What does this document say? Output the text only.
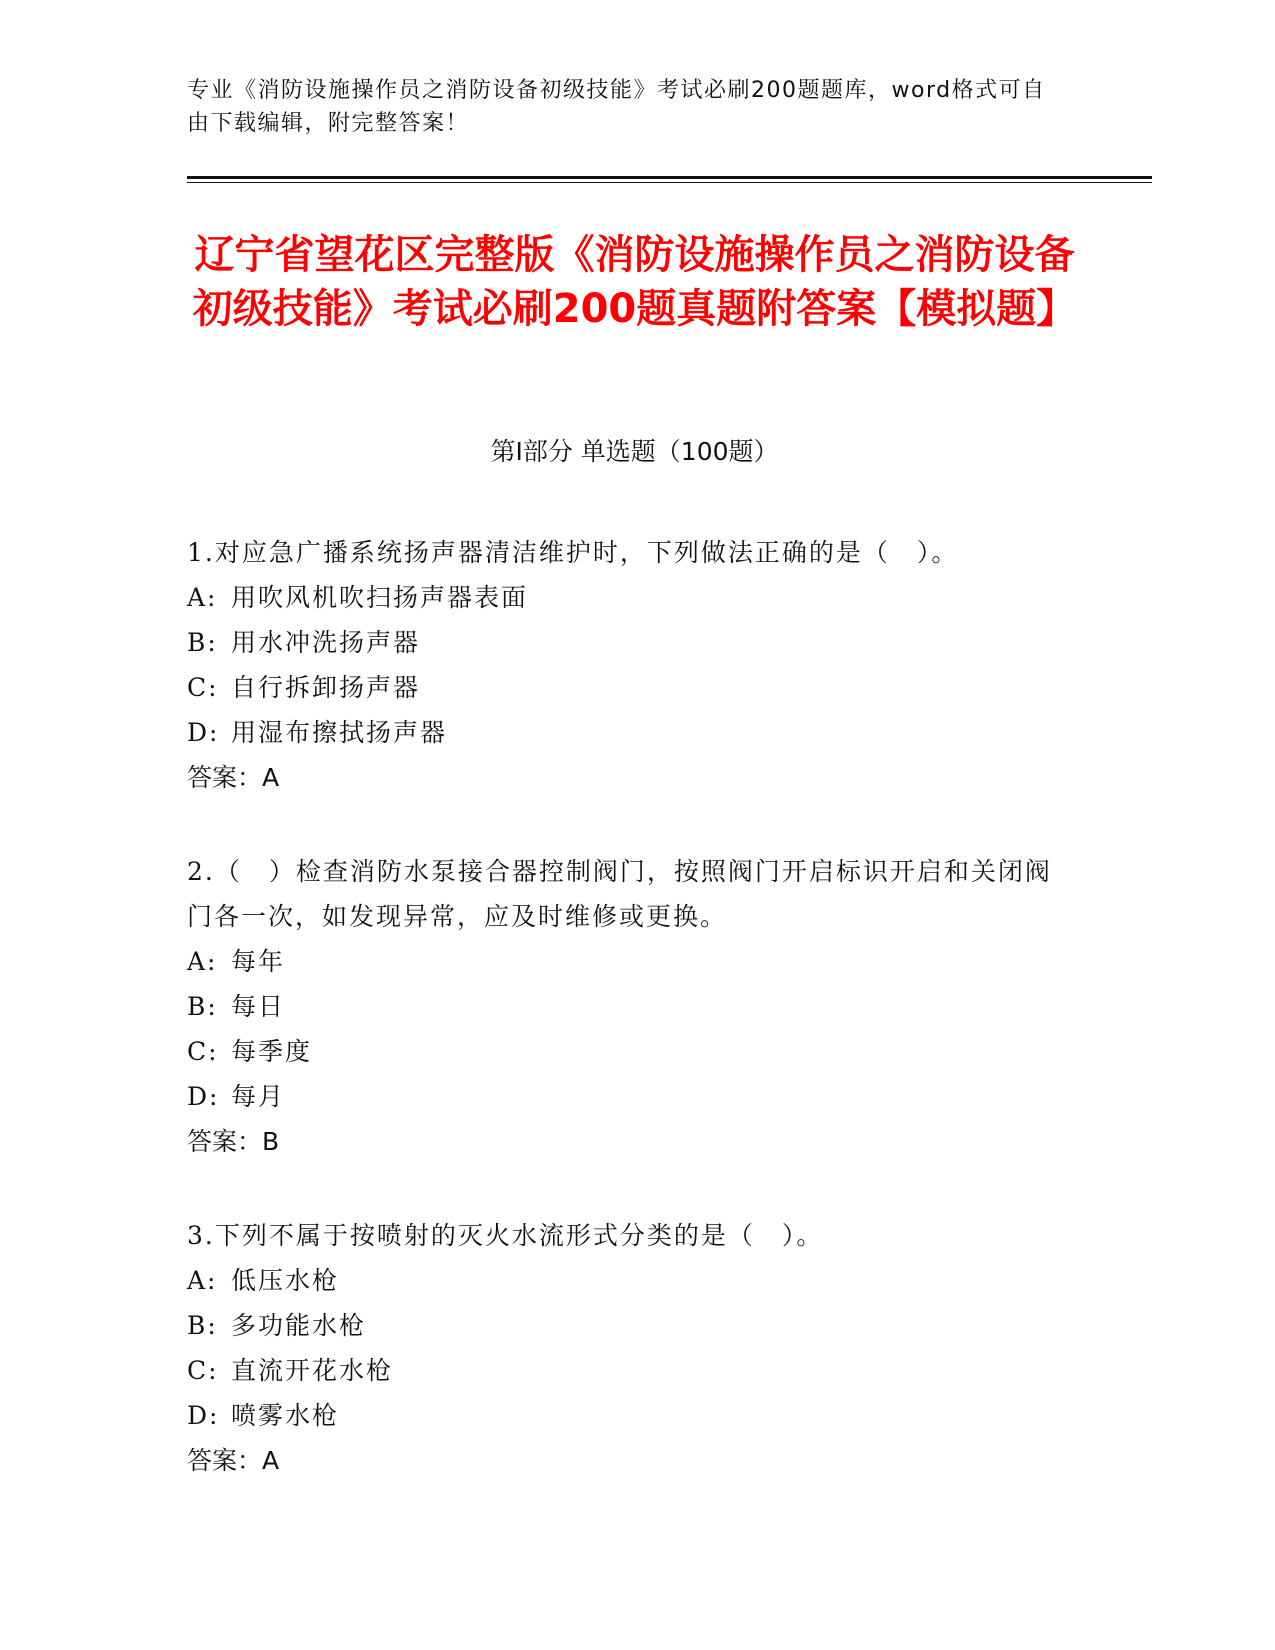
专业《消防设施操作员之消防设备初级技能》考试必刷200题题库，word格式可自由下载编辑，附完整答案！
辽宁省望花区完整版《消防设施操作员之消防设备初级技能》考试必刷200题真题附答案【模拟题】
第Ⅰ部分 单选题（100题）
1.对应急广播系统扬声器清洁维护时，下列做法正确的是（　）。
A: 用吹风机吹扫扬声器表面
B: 用水冲洗扬声器
C: 自行拆卸扬声器
D: 用湿布擦拭扬声器
答案：A
2.（　）检查消防水泵接合器控制阀门，按照阀门开启标识开启和关闭阀门各一次，如发现异常，应及时维修或更换。
A: 每年
B: 每日
C: 每季度
D: 每月
答案：B
3.下列不属于按喷射的灭火水流形式分类的是（　）。
A: 低压水枪
B: 多功能水枪
C: 直流开花水枪
D: 喷雾水枪
答案：A
